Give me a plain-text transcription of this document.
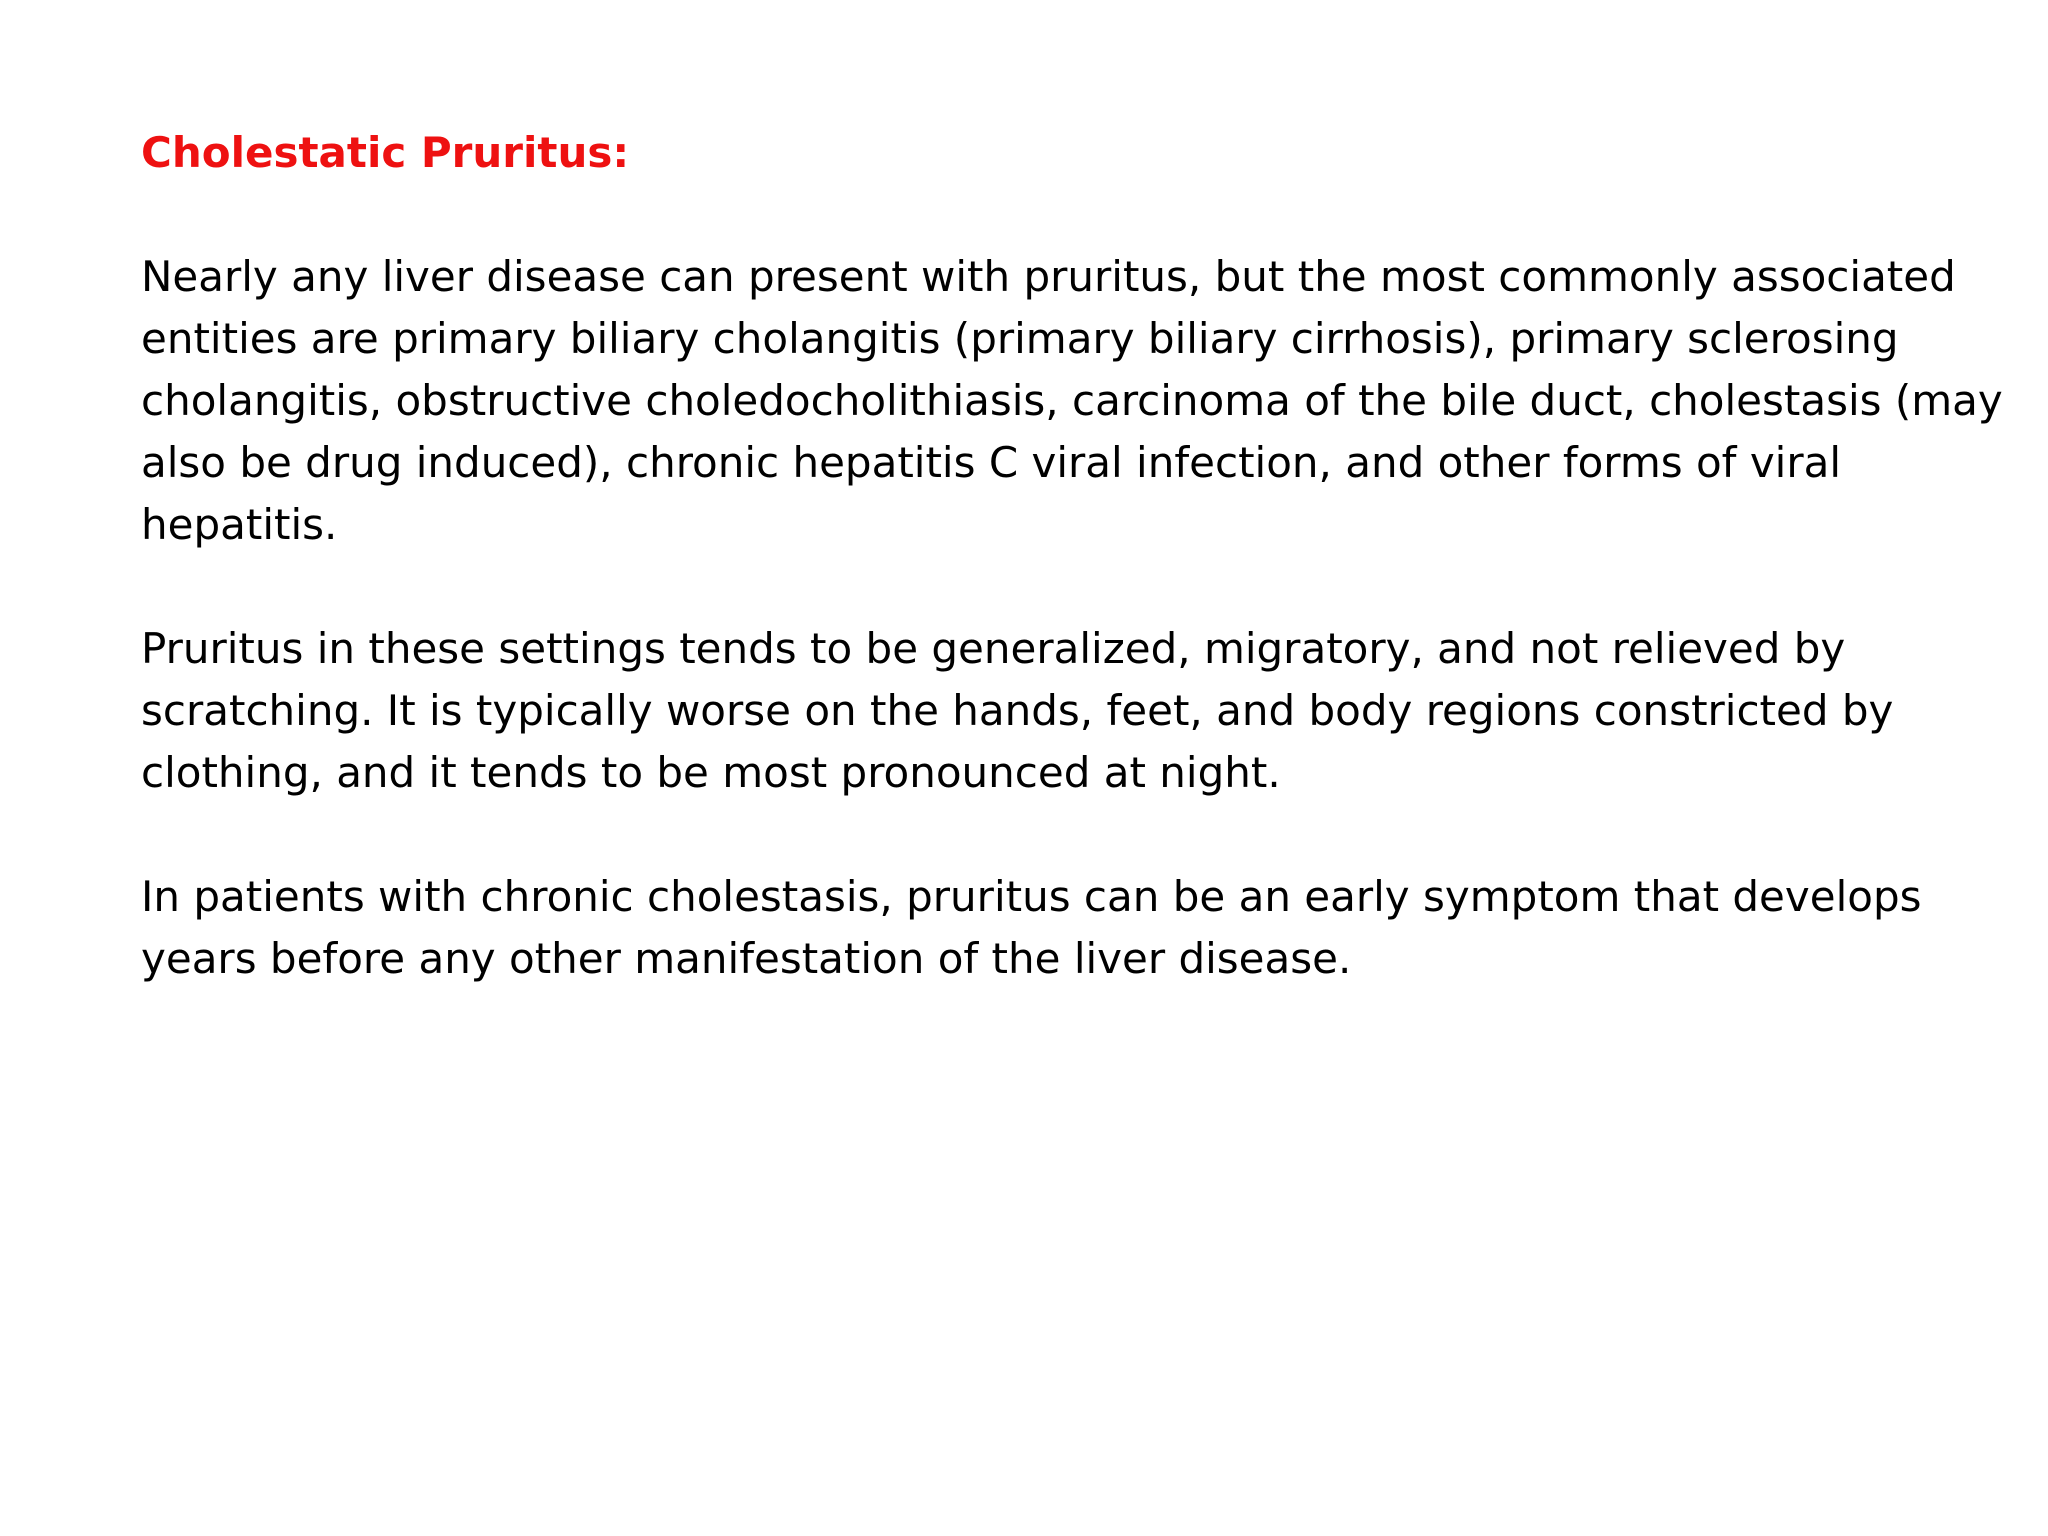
Cholestatic Pruritus:

Nearly any liver disease can present with pruritus, but the most commonly associated entities are primary biliary cholangitis (primary biliary cirrhosis), primary sclerosing cholangitis, obstructive choledocholithiasis, carcinoma of the bile duct, cholestasis (may also be drug induced), chronic hepatitis C viral infection, and other forms of viral hepatitis.

Pruritus in these settings tends to be generalized, migratory, and not relieved by scratching. It is typically worse on the hands, feet, and body regions constricted by clothing, and it tends to be most pronounced at night.

In patients with chronic cholestasis, pruritus can be an early symptom that develops years before any other manifestation of the liver disease.
